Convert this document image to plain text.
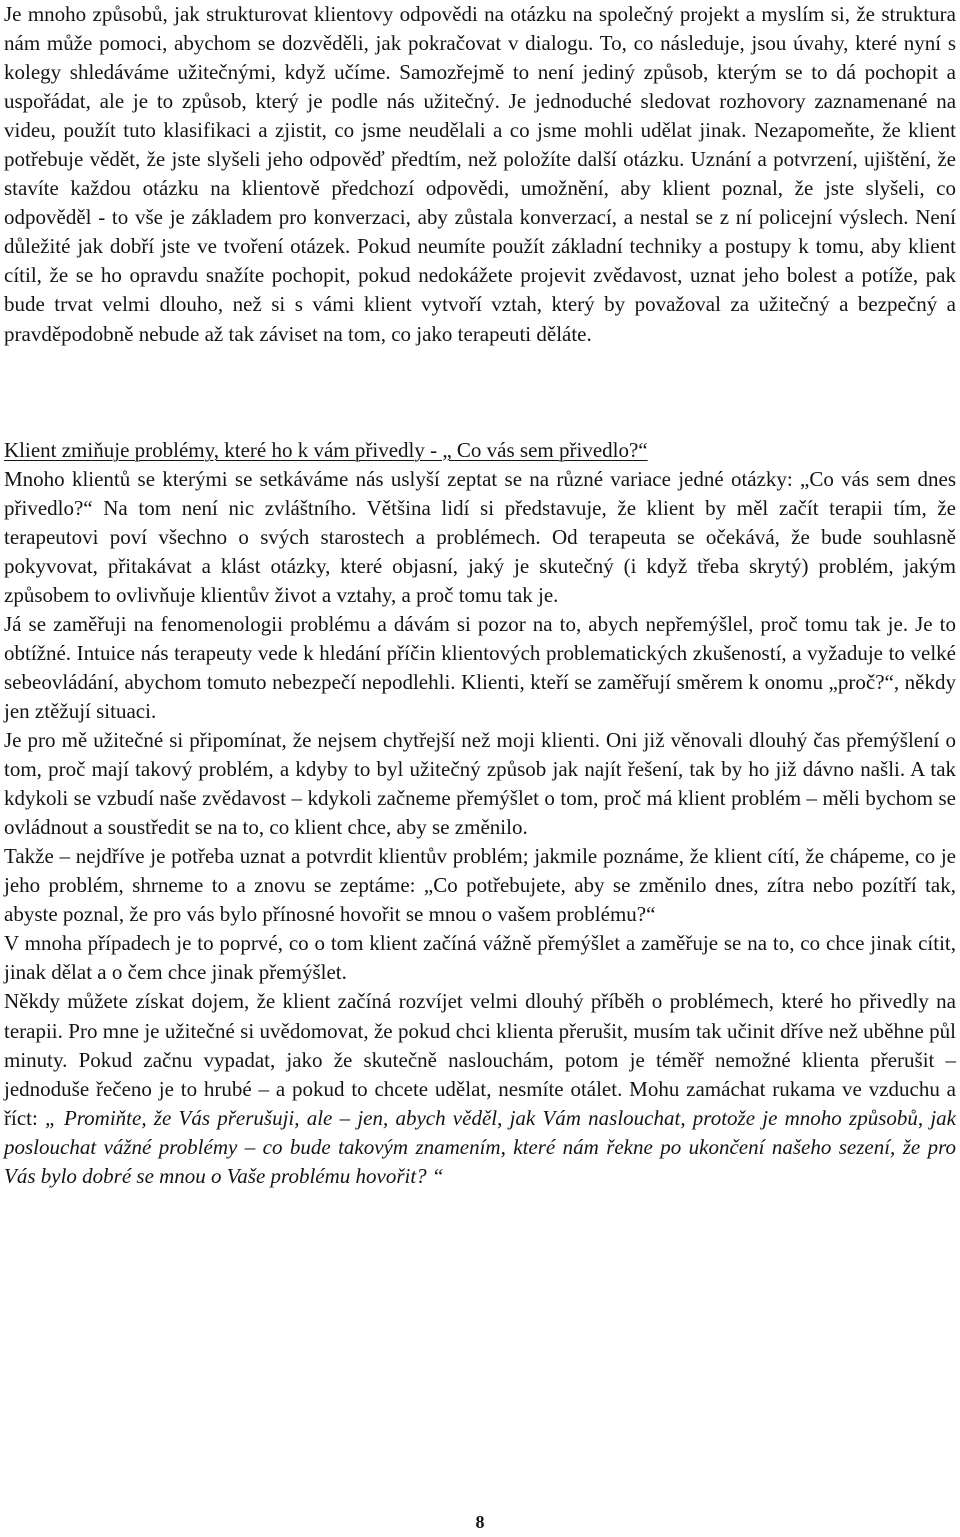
Je mnoho způsobů, jak strukturovat klientovy odpovědi na otázku na společný projekt a myslím si, že struktura nám může pomoci, abychom se dozvěděli, jak pokračovat v dialogu. To, co následuje, jsou úvahy, které nyní s kolegy shledáváme užitečnými, když učíme. Samozřejmě to není jediný způsob, kterým se to dá pochopit a uspořádat, ale je to způsob, který je podle nás užitečný. Je jednoduché sledovat rozhovory zaznamenané na videu, použít tuto klasifikaci a zjistit, co jsme neudělali a co jsme mohli udělat jinak. Nezapomeňte, že klient potřebuje vědět, že jste slyšeli jeho odpověď předtím, než položíte další otázku. Uznání a potvrzení, ujištění, že stavíte každou otázku na klientově předchozí odpovědi, umožnění, aby klient poznal, že jste slyšeli, co odpověděl - to vše je základem pro konverzaci, aby zůstala konverzací, a nestal se z ní policejní výslech. Není důležité jak dobří jste ve tvoření otázek. Pokud neumíte použít základní techniky a postupy k tomu, aby klient cítil, že se ho opravdu snažíte pochopit, pokud nedokážete projevit zvědavost, uznat jeho bolest a potíže, pak bude trvat velmi dlouho, než si s vámi klient vytvoří vztah, který by považoval za užitečný a bezpečný a pravděpodobně nebude až tak záviset na tom, co jako terapeuti děláte.

Klient zmiňuje problémy, které ho k vám přivedly - „ Co vás sem přivedlo?“

Mnoho klientů se kterými se setkáváme nás uslyší zeptat se na různé variace jedné otázky: „Co vás sem dnes přivedlo?“ Na tom není nic zvláštního. Většina lidí si představuje, že klient by měl začít terapii tím, že terapeutovi poví všechno o svých starostech a problémech. Od terapeuta se očekává, že bude souhlasně pokyvovat, přitakávat a klást otázky, které objasní, jaký je skutečný (i když třeba skrytý) problém, jakým způsobem to ovlivňuje klientův život a vztahy, a proč tomu tak je.

Já se zaměřuji na fenomenologii problému a dávám si pozor na to, abych nepřemýšlel, proč tomu tak je. Je to obtížné. Intuice nás terapeuty vede k hledání příčin klientových problematických zkušeností, a vyžaduje to velké sebeovládání, abychom tomuto nebezpečí nepodlehli. Klienti, kteří se zaměřují směrem k onomu „proč?“, někdy jen ztěžují situaci.

Je pro mě užitečné si připomínat, že nejsem chytřejší než moji klienti. Oni již věnovali dlouhý čas přemýšlení o tom, proč mají takový problém, a kdyby to byl užitečný způsob jak najít řešení, tak by ho již dávno našli. A tak kdykoli se vzbudí naše zvědavost – kdykoli začneme přemýšlet o tom, proč má klient problém – měli bychom se ovládnout a soustředit se na to, co klient chce, aby se změnilo.

Takže – nejdříve je potřeba uznat a potvrdit klientův problém; jakmile poznáme, že klient cítí, že chápeme, co je jeho problém, shrneme to a znovu se zeptáme: „Co potřebujete, aby se změnilo dnes, zítra nebo pozítří tak, abyste poznal, že pro vás bylo přínosné hovořit se mnou o vašem problému?“

V mnoha případech je to poprvé, co o tom klient začíná vážně přemýšlet a zaměřuje se na to, co chce jinak cítit, jinak dělat a o čem chce jinak přemýšlet.

Někdy můžete získat dojem, že klient začíná rozvíjet velmi dlouhý příběh o problémech, které ho přivedly na terapii. Pro mne je užitečné si uvědomovat, že pokud chci klienta přerušit, musím tak učinit dříve než uběhne půl minuty. Pokud začnu vypadat, jako že skutečně naslouchám, potom je téměř nemožné klienta přerušit – jednoduše řečeno je to hrubé – a pokud to chcete udělat, nesmíte otálet. Mohu zamáchat rukama ve vzduchu a říct: „ Promiňte, že Vás přerušuji, ale – jen, abych věděl, jak Vám naslouchat, protože je mnoho způsobů, jak poslouchat vážné problémy – co bude takovým znamením, které nám řekne po ukončení našeho sezení, že pro Vás bylo dobré se mnou o Vaše problému hovořit? “

8
